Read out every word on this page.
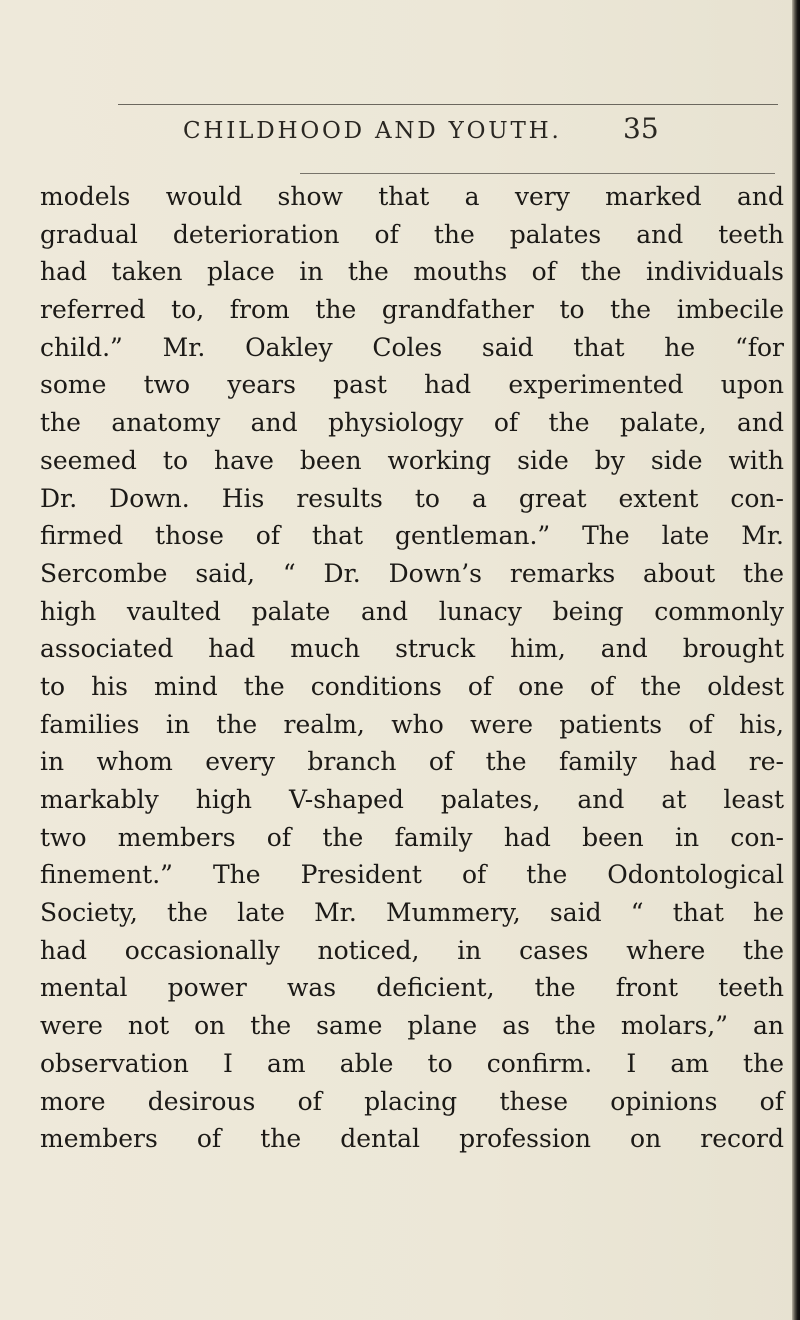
CHILDHOOD AND YOUTH. 35
models would show that a very marked and
gradual deterioration of the palates and teeth
had taken place in the mouths of the individuals
referred to, from the grandfather to the imbecile
child.” Mr. Oakley Coles said that he “for
some two years past had experimented upon
the anatomy and physiology of the palate, and
seemed to have been working side by side with
Dr. Down. His results to a great extent con-
firmed those of that gentleman.” The late Mr.
Sercombe said, “ Dr. Down’s remarks about the
high vaulted palate and lunacy being commonly
associated had much struck him, and brought
to his mind the conditions of one of the oldest
families in the realm, who were patients of his,
in whom every branch of the family had re-
markably high V-shaped palates, and at least
two members of the family had been in con-
finement.” The President of the Odontological
Society, the late Mr. Mummery, said “ that he
had occasionally noticed, in cases where the
mental power was deficient, the front teeth
were not on the same plane as the molars,” an
observation I am able to confirm. I am the
more desirous of placing these opinions of
members of the dental profession on record
